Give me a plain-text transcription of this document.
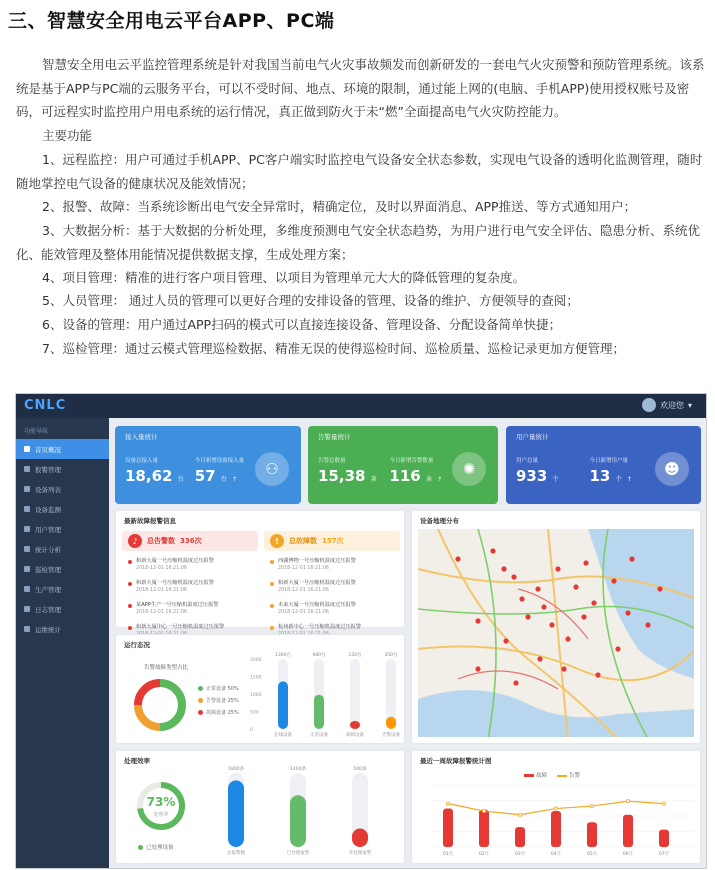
三、智慧安全用电云平台APP、PC端

智慧安全用电云平监控管理系统是针对我国当前电气火灾事故频发而创新研发的一套电气火灾预警和预防管理系统。该系统是基于APP与PC端的云服务平台，可以不受时间、地点、环境的限制，通过能上网的(电脑、手机APP)使用授权账号及密码，可远程实时监控用户用电系统的运行情况，真正做到防火于未“燃”全面提高电气火灾防控能力。

主要功能

1、远程监控：用户可通过手机APP、PC客户端实时监控电气设备安全状态参数，实现电气设备的透明化监测管理，随时随地掌控电气设备的健康状况及能效情况；

2、报警、故障：当系统诊断出电气安全异常时，精确定位，及时以界面消息、APP推送、等方式通知用户；

3、大数据分析：基于大数据的分析处理，多维度预测电气安全状态趋势，为用户进行电气安全评估、隐患分析、系统优化、能效管理及整体用能情况提供数据支撑，生成处理方案；

4、项目管理：精准的进行客户项目管理、以项目为管理单元大大的降低管理的复杂度。

5、人员管理： 通过人员的管理可以更好合理的安排设备的管理、设备的维护、方便领导的查阅；

6、设备的管理：用户通过APP扫码的模式可以直接连接设备、管理设备、分配设备简单快捷；

7、巡检管理：通过云模式管理巡检数据、精准无误的使得巡检时间、巡检质量、巡检记录更加方便管理；

CNLC	欢迎您 ▾
功能导航
首页概况
报警管理
设备列表
设备监测
用户管理
统计分析
巡检管理
生产管理
日志管理
运维统计
接入量统计
设备总接入量
18,62 台
今日新增设备接入量
57 台 ↑
⚇
告警量统计
告警总数量
15,38 条
今日新增告警数量
116 条 ↑
✺
用户量统计
用户总量
933 个
今日新增用户量
13 个 ↑
☻
最新故障报警信息
♪	总告警数 336次	!	总故障数 157次
和新大厦一号压缩机温度过压报警
2018-12-01 16:21:06
和新大厦一号压缩机温度过压报警
2018-12-01 16:21:06
某APP生产一号压缩机温度过压报警
2018-12-01 16:21:06
和新大厦中心一号压缩机温度过压报警
西湖博物一号压缩机温度过压报警
2018-12-01 16:21:06
和新大厦一号压缩机温度过压报警
2018-12-01 16:21:06
未来大厦一号压缩机温度过压报警
2018-12-01 16:21:06
杭州新中心一号压缩机温度过压报警
设备地理分布
运行态况
告警故障类型占比
正常设备 50%
告警设备 25%
故障设备 25%
2000
1500
1000
500
0
1360台
在线设备
980台
正常设备
230台
故障设备
350台
告警设备
处理效率
73%
处理率
已处理设备
1800条
总报警数
1400条
已处理报警
500条
未处理报警
最近一周故障报警统计图
故障	告警
01月	02月	03月	04月	05月	06月	07月
